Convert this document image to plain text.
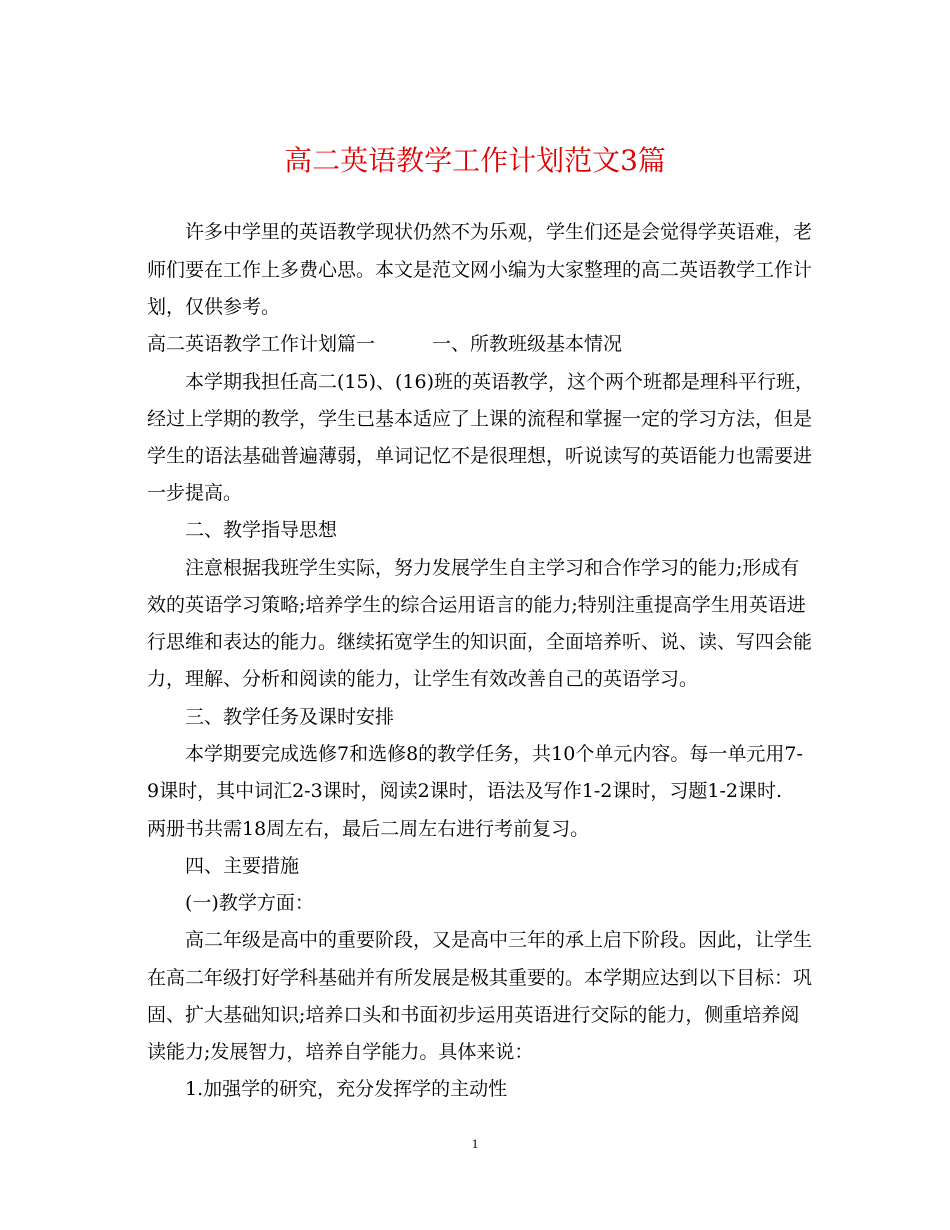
高二英语教学工作计划范文3篇
许多中学里的英语教学现状仍然不为乐观，学生们还是会觉得学英语难，老
师们要在工作上多费心思。本文是范文网小编为大家整理的高二英语教学工作计
划，仅供参考。
高二英语教学工作计划篇一　　　一、所教班级基本情况
本学期我担任高二(15)、(16)班的英语教学，这个两个班都是理科平行班，
经过上学期的教学，学生已基本适应了上课的流程和掌握一定的学习方法，但是
学生的语法基础普遍薄弱，单词记忆不是很理想，听说读写的英语能力也需要进
一步提高。
二、教学指导思想
注意根据我班学生实际，努力发展学生自主学习和合作学习的能力;形成有
效的英语学习策略;培养学生的综合运用语言的能力;特别注重提高学生用英语进
行思维和表达的能力。继续拓宽学生的知识面，全面培养听、说、读、写四会能
力，理解、分析和阅读的能力，让学生有效改善自己的英语学习。
三、教学任务及课时安排
本学期要完成选修7和选修8的教学任务，共10个单元内容。每一单元用7-
9课时，其中词汇2-3课时，阅读2课时，语法及写作1-2课时，习题1-2课时.
两册书共需18周左右，最后二周左右进行考前复习。
四、主要措施
(一)教学方面：
高二年级是高中的重要阶段，又是高中三年的承上启下阶段。因此，让学生
在高二年级打好学科基础并有所发展是极其重要的。本学期应达到以下目标：巩
固、扩大基础知识;培养口头和书面初步运用英语进行交际的能力，侧重培养阅
读能力;发展智力，培养自学能力。具体来说：
1.加强学的研究，充分发挥学的主动性
1
